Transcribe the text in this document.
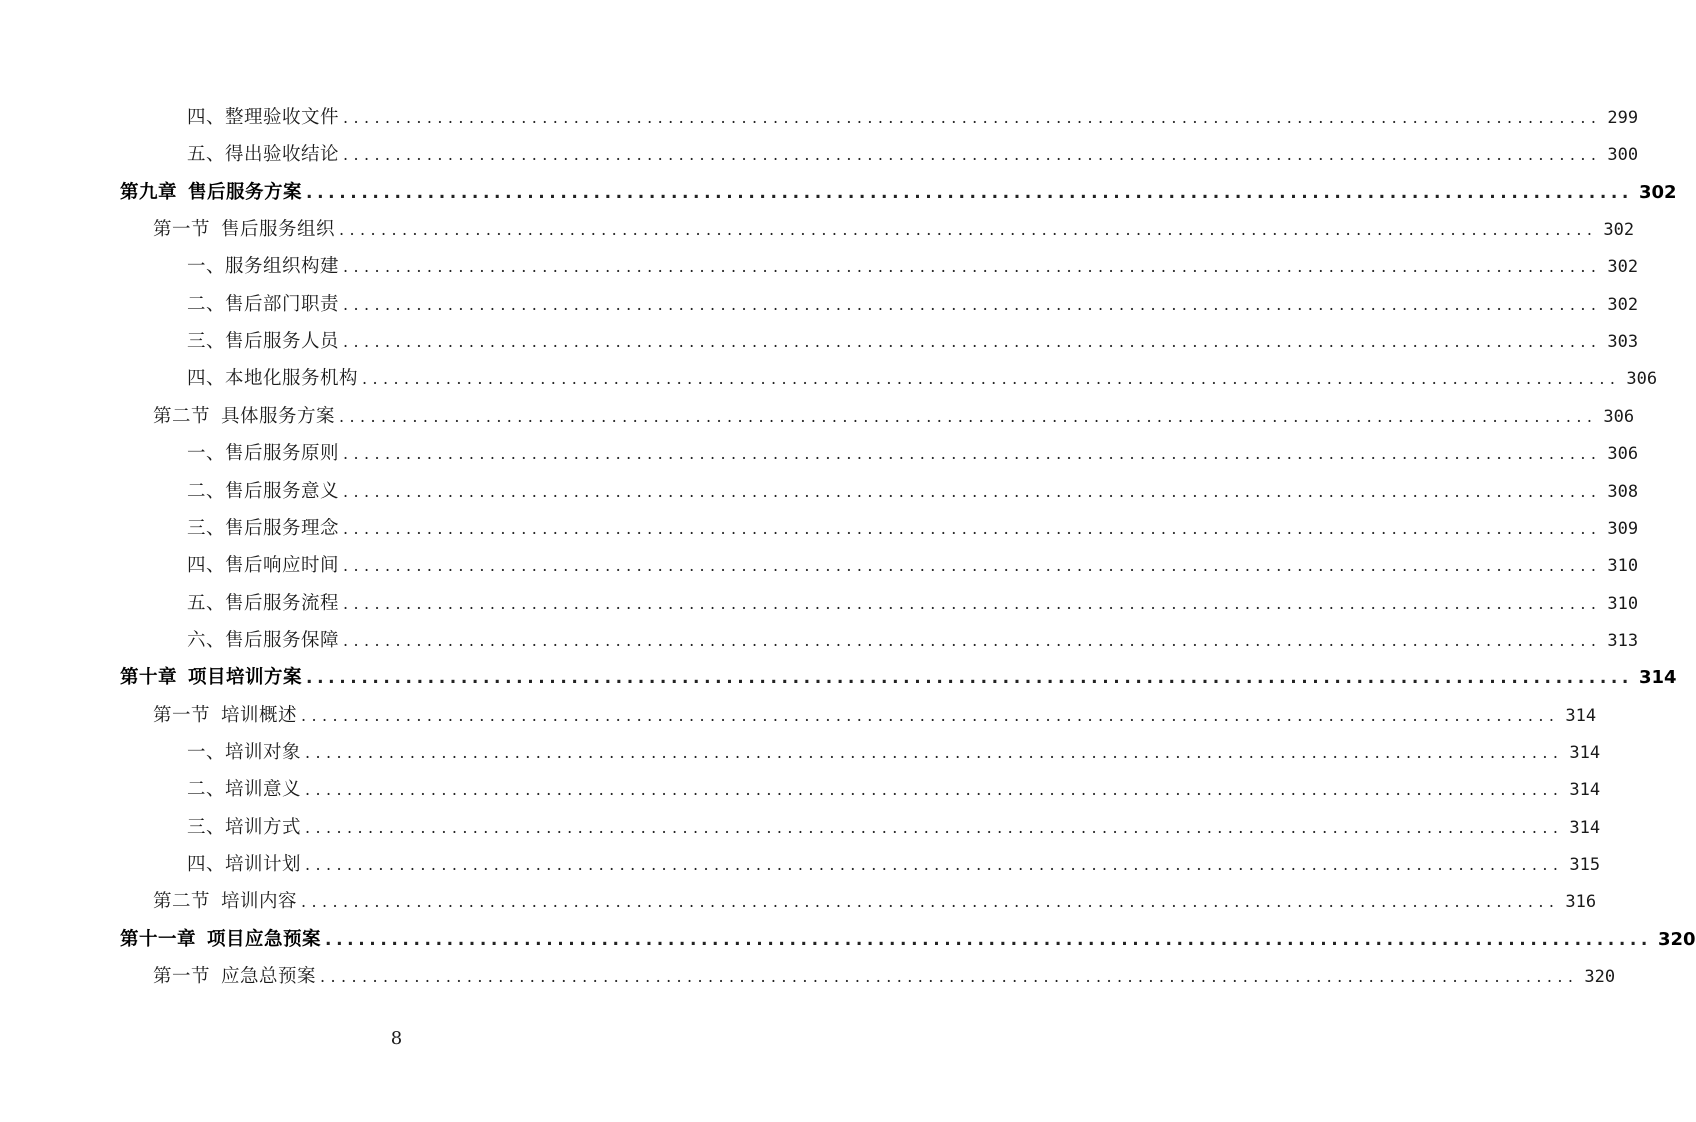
四、整理验收文件 ........................................................................................................................ 299
五、得出验收结论 ........................................................................................................................ 300
第九章 售后服务方案 ........................................................................................................................ 302
第一节 售后服务组织 ........................................................................................................................ 302
一、服务组织构建 ........................................................................................................................ 302
二、售后部门职责 ........................................................................................................................ 302
三、售后服务人员 ........................................................................................................................ 303
四、本地化服务机构 ........................................................................................................................ 306
第二节 具体服务方案 ........................................................................................................................ 306
一、售后服务原则 ........................................................................................................................ 306
二、售后服务意义 ........................................................................................................................ 308
三、售后服务理念 ........................................................................................................................ 309
四、售后响应时间 ........................................................................................................................ 310
五、售后服务流程 ........................................................................................................................ 310
六、售后服务保障 ........................................................................................................................ 313
第十章 项目培训方案 ........................................................................................................................ 314
第一节 培训概述 ........................................................................................................................ 314
一、培训对象 ........................................................................................................................ 314
二、培训意义 ........................................................................................................................ 314
三、培训方式 ........................................................................................................................ 314
四、培训计划 ........................................................................................................................ 315
第二节 培训内容 ........................................................................................................................ 316
第十一章 项目应急预案 ........................................................................................................................ 320
第一节 应急总预案 ........................................................................................................................ 320
8
